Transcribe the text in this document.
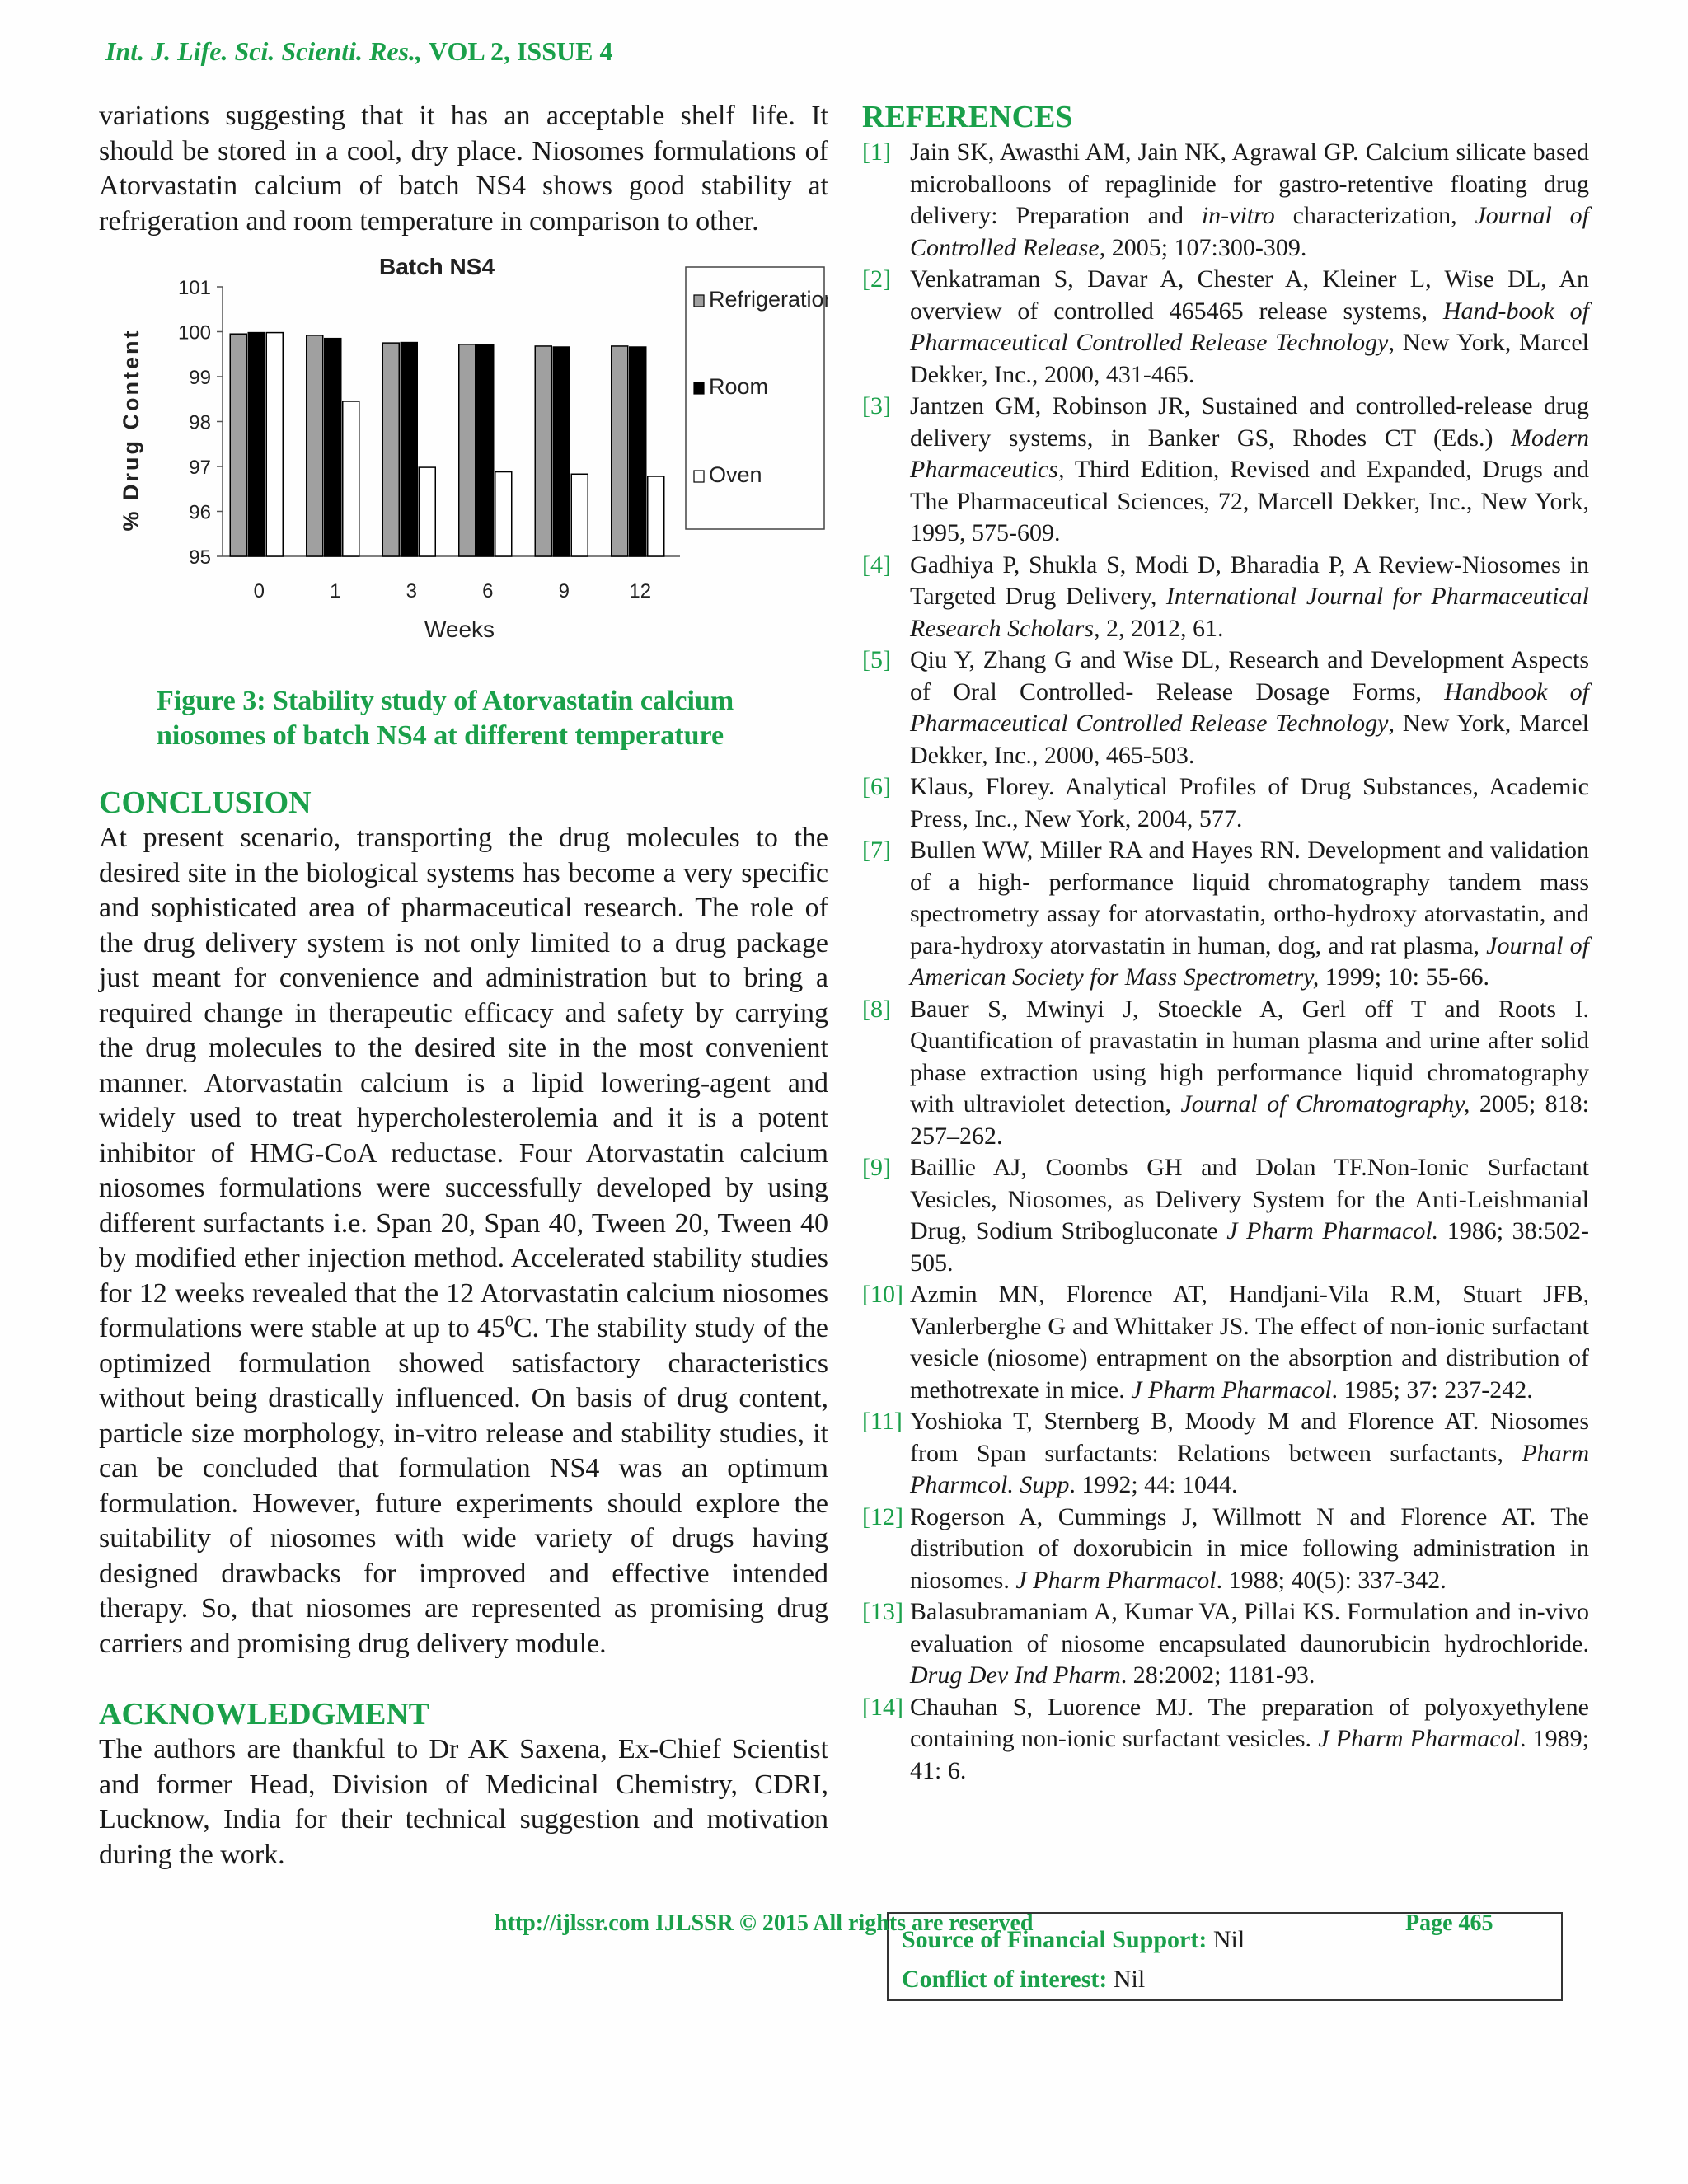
Int. J. Life. Sci. Scienti. Res., VOL 2, ISSUE 4

variations suggesting that it has an acceptable shelf life. It should be stored in a cool, dry place. Niosomes formulations of Atorvastatin calcium of batch NS4 shows good stability at refrigeration and room temperature in comparison to other.

Batch NS4
95
96
97
98
99
100
101
% Drug Content
0	1	3	6	9	12
Weeks
Refrigeration
Room
Oven

Figure 3: Stability study of Atorvastatin calcium niosomes of batch NS4 at different temperature

CONCLUSION

At present scenario, transporting the drug molecules to the desired site in the biological systems has become a very specific and sophisticated area of pharmaceutical research. The role of the drug delivery system is not only limited to a drug package just meant for convenience and administration but to bring a required change in therapeutic efficacy and safety by carrying the drug molecules to the desired site in the most convenient manner. Atorvastatin calcium is a lipid lowering-agent and widely used to treat hypercholesterolemia and it is a potent inhibitor of HMG-CoA reductase. Four Atorvastatin calcium niosomes formulations were successfully developed by using different surfactants i.e. Span 20, Span 40, Tween 20, Tween 40 by modified ether injection method. Accelerated stability studies for 12 weeks revealed that the 12 Atorvastatin calcium niosomes formulations were stable at up to $45^0C$. The stability study of the optimized formulation showed satisfactory characteristics without being drastically influenced. On basis of drug content, particle size morphology, in-vitro release and stability studies, it can be concluded that formulation NS4 was an optimum formulation. However, future experiments should explore the suitability of niosomes with wide variety of drugs having designed drawbacks for improved and effective intended therapy. So, that niosomes are represented as promising drug carriers and promising drug delivery module.

ACKNOWLEDGMENT

The authors are thankful to Dr AK Saxena, Ex-Chief Scientist and former Head, Division of Medicinal Chemistry, CDRI, Lucknow, India for their technical suggestion and motivation during the work.

REFERENCES
[1] Jain SK, Awasthi AM, Jain NK, Agrawal GP. Calcium silicate based microballoons of repaglinide for gastro-retentive floating drug delivery: Preparation and in-vitro characterization, Journal of Controlled Release, 2005; 107:300-309.
[2] Venkatraman S, Davar A, Chester A, Kleiner L, Wise DL, An overview of controlled 465465 release systems, Hand-book of Pharmaceutical Controlled Release Technology, New York, Marcel Dekker, Inc., 2000, 431-465.
[3] Jantzen GM, Robinson JR, Sustained and controlled-release drug delivery systems, in Banker GS, Rhodes CT (Eds.) Modern Pharmaceutics, Third Edition, Revised and Expanded, Drugs and The Pharmaceutical Sciences, 72, Marcell Dekker, Inc., New York, 1995, 575-609.
[4] Gadhiya P, Shukla S, Modi D, Bharadia P, A Review-Niosomes in Targeted Drug Delivery, International Journal for Pharmaceutical Research Scholars, 2, 2012, 61.
[5] Qiu Y, Zhang G and Wise DL, Research and Development Aspects of Oral Controlled- Release Dosage Forms, Handbook of Pharmaceutical Controlled Release Technology, New York, Marcel Dekker, Inc., 2000, 465-503.
[6] Klaus, Florey. Analytical Profiles of Drug Substances, Academic Press, Inc., New York, 2004, 577.
[7] Bullen WW, Miller RA and Hayes RN. Development and validation of a high- performance liquid chromatography tandem mass spectrometry assay for atorvastatin, ortho-hydroxy atorvastatin, and para-hydroxy atorvastatin in human, dog, and rat plasma, Journal of American Society for Mass Spectrometry, 1999; 10: 55-66.
[8] Bauer S, Mwinyi J, Stoeckle A, Gerl off T and Roots I. Quantification of pravastatin in human plasma and urine after solid phase extraction using high performance liquid chromatography with ultraviolet detection, Journal of Chromatography, 2005; 818: 257–262.
[9] Baillie AJ, Coombs GH and Dolan TF.Non-Ionic Surfactant Vesicles, Niosomes, as Delivery System for the Anti-Leishmanial Drug, Sodium Stribogluconate J Pharm Pharmacol. 1986; 38:502-505.
[10] Azmin MN, Florence AT, Handjani-Vila R.M, Stuart JFB, Vanlerberghe G and Whittaker JS. The effect of non-ionic surfactant vesicle (niosome) entrapment on the absorption and distribution of methotrexate in mice. J Pharm Pharmacol. 1985; 37: 237-242.
[11] Yoshioka T, Sternberg B, Moody M and Florence AT. Niosomes from Span surfactants: Relations between surfactants, Pharm Pharmcol. Supp. 1992; 44: 1044.
[12] Rogerson A, Cummings J, Willmott N and Florence AT. The distribution of doxorubicin in mice following administration in niosomes. J Pharm Pharmacol. 1988; 40(5): 337-342.
[13] Balasubramaniam A, Kumar VA, Pillai KS. Formulation and in-vivo evaluation of niosome encapsulated daunorubicin hydrochloride. Drug Dev Ind Pharm. 28:2002; 1181-93.
[14] Chauhan S, Luorence MJ. The preparation of polyoxyethylene containing non-ionic surfactant vesicles. J Pharm Pharmacol. 1989; 41: 6.
Source of Financial Support: Nil
Conflict of interest: Nil
http://ijlssr.com IJLSSR © 2015 All rights are reserved	Page 465
